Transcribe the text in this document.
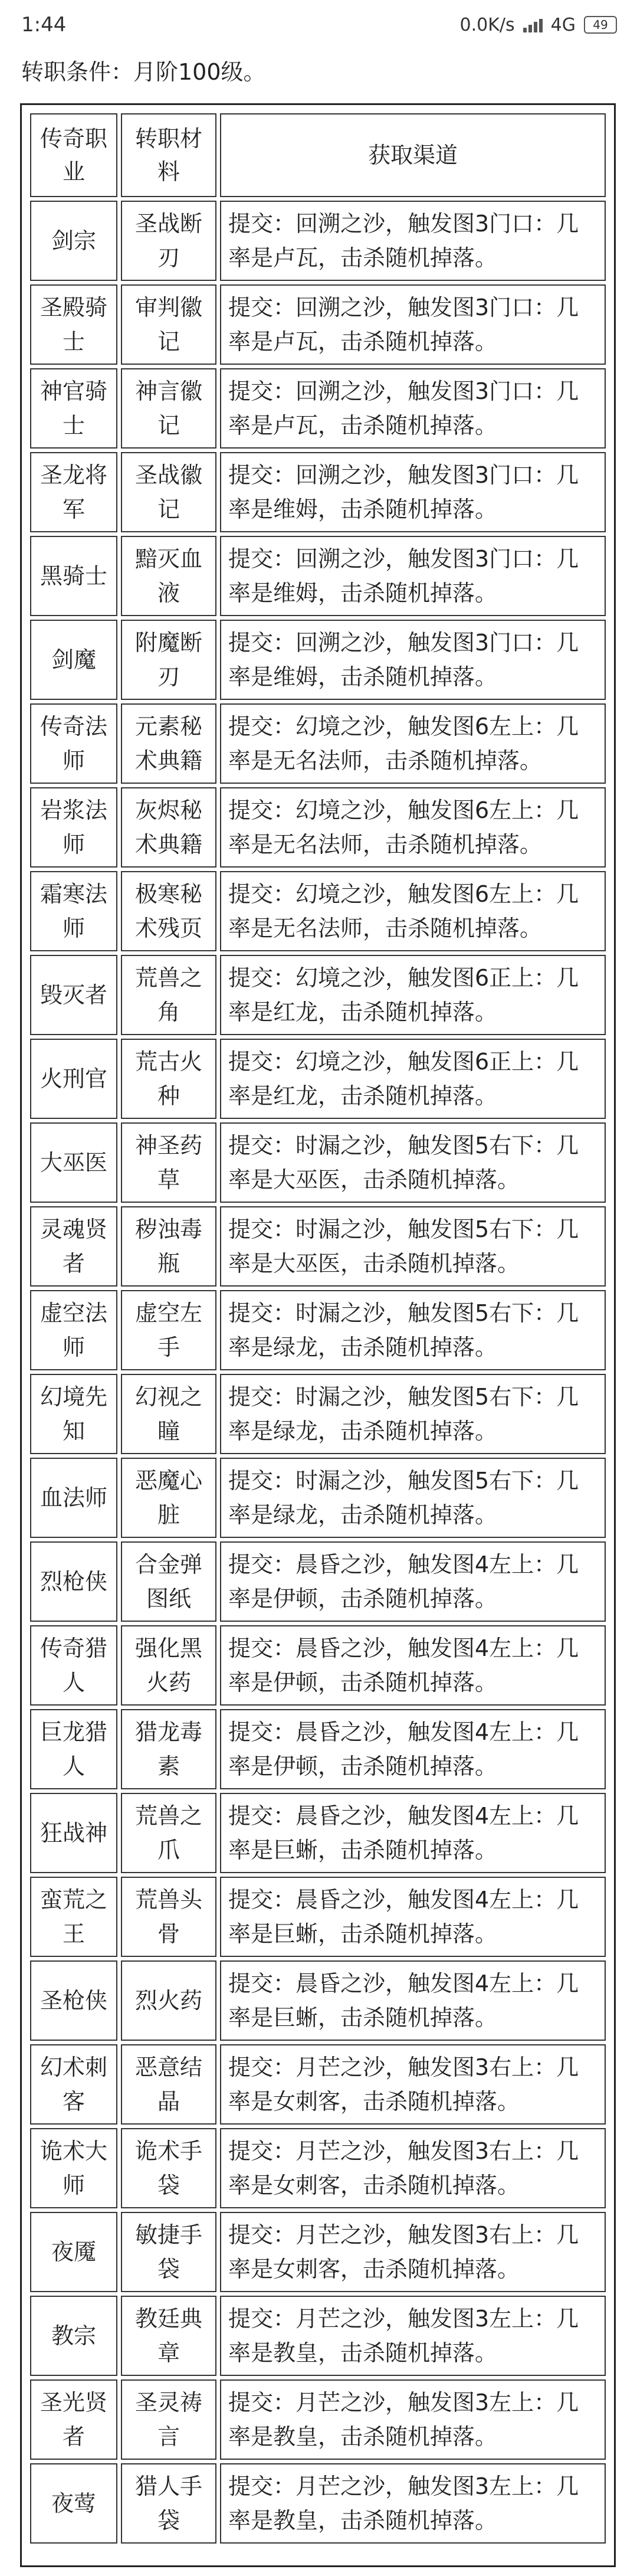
1:44	0.0K/s 4G	49
转职条件：月阶100级。
传奇职业	转职材料	获取渠道
剑宗	圣战断刃	提交：回溯之沙，触发图3门口：几率是卢瓦，击杀随机掉落。
圣殿骑士	审判徽记	提交：回溯之沙，触发图3门口：几率是卢瓦，击杀随机掉落。
神官骑士	神言徽记	提交：回溯之沙，触发图3门口：几率是卢瓦，击杀随机掉落。
圣龙将军	圣战徽记	提交：回溯之沙，触发图3门口：几率是维姆，击杀随机掉落。
黑骑士	黯灭血液	提交：回溯之沙，触发图3门口：几率是维姆，击杀随机掉落。
剑魔	附魔断刃	提交：回溯之沙，触发图3门口：几率是维姆，击杀随机掉落。
传奇法师	元素秘术典籍	提交：幻境之沙，触发图6左上：几率是无名法师，击杀随机掉落。
岩浆法师	灰烬秘术典籍	提交：幻境之沙，触发图6左上：几率是无名法师，击杀随机掉落。
霜寒法师	极寒秘术残页	提交：幻境之沙，触发图6左上：几率是无名法师，击杀随机掉落。
毁灭者	荒兽之角	提交：幻境之沙，触发图6正上：几率是红龙，击杀随机掉落。
火刑官	荒古火种	提交：幻境之沙，触发图6正上：几率是红龙，击杀随机掉落。
大巫医	神圣药草	提交：时漏之沙，触发图5右下：几率是大巫医，击杀随机掉落。
灵魂贤者	秽浊毒瓶	提交：时漏之沙，触发图5右下：几率是大巫医，击杀随机掉落。
虚空法师	虚空左手	提交：时漏之沙，触发图5右下：几率是绿龙，击杀随机掉落。
幻境先知	幻视之瞳	提交：时漏之沙，触发图5右下：几率是绿龙，击杀随机掉落。
血法师	恶魔心脏	提交：时漏之沙，触发图5右下：几率是绿龙，击杀随机掉落。
烈枪侠	合金弹图纸	提交：晨昏之沙，触发图4左上：几率是伊顿，击杀随机掉落。
传奇猎人	强化黑火药	提交：晨昏之沙，触发图4左上：几率是伊顿，击杀随机掉落。
巨龙猎人	猎龙毒素	提交：晨昏之沙，触发图4左上：几率是伊顿，击杀随机掉落。
狂战神	荒兽之爪	提交：晨昏之沙，触发图4左上：几率是巨蜥，击杀随机掉落。
蛮荒之王	荒兽头骨	提交：晨昏之沙，触发图4左上：几率是巨蜥，击杀随机掉落。
圣枪侠	烈火药	提交：晨昏之沙，触发图4左上：几率是巨蜥，击杀随机掉落。
幻术刺客	恶意结晶	提交：月芒之沙，触发图3右上：几率是女刺客，击杀随机掉落。
诡术大师	诡术手袋	提交：月芒之沙，触发图3右上：几率是女刺客，击杀随机掉落。
夜魇	敏捷手袋	提交：月芒之沙，触发图3右上：几率是女刺客，击杀随机掉落。
教宗	教廷典章	提交：月芒之沙，触发图3左上：几率是教皇，击杀随机掉落。
圣光贤者	圣灵祷言	提交：月芒之沙，触发图3左上：几率是教皇，击杀随机掉落。
夜莺	猎人手袋	提交：月芒之沙，触发图3左上：几率是教皇，击杀随机掉落。
